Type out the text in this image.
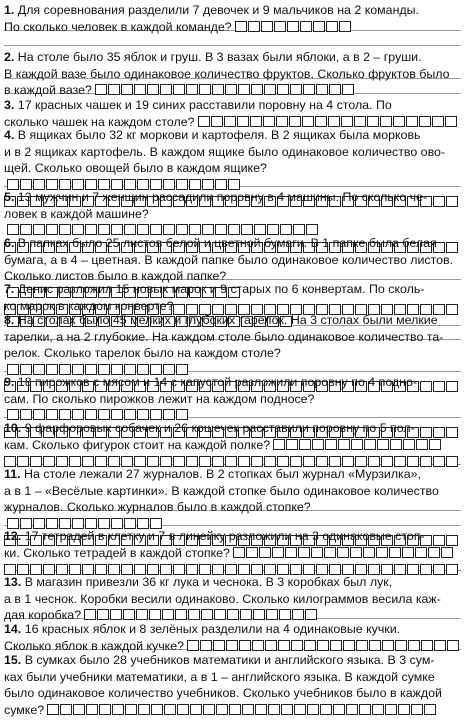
1. Для соревнования разделили 7 девочек и 9 мальчиков на 2 команды.
По сколько человек в каждой команде?
2. На столе было 35 яблок и груш. В 3 вазах были яблоки, а в 2 – груши.
В каждой вазе было одинаковое количество фруктов. Сколько фруктов было
в каждой вазе?
3. 17 красных чашек и 19 синих расставили поровну на 4 стола. По
сколько чашек на каждом столе?
4. В ящиках было 32 кг моркови и картофеля. В 2 ящиках была морковь
и в 2 ящиках картофель. В каждом ящике было одинаковое количество ово-
щей. Сколько овощей было в каждом ящике?
5. 13 мужчин и 7 женщин рассадили поровну в 4 машины. По сколько че-
ловек в каждой машине?
6. В папках было 25 листов белой и цветной бумаги. В 1 папке была белая
бумага, а в 4 – цветная. В каждой папке было одинаковое количество листов.
Сколько листов было в каждой папке?
7. Денис разложил 15 новых марок и 9 старых по 6 конвертам. По сколь-
ко марок в каждом конверте?
8. На столах было 45 мелких и глубоких тарелок. На 3 столах были мелкие
тарелки, а на 2 глубокие. На каждом столе было одинаковое количество та-
релок. Сколько тарелок было на каждом столе?
9. 18 пирожков с мясом и 14 с капустой разложили поровну по 4 подно-
сам. По сколько пирожков лежит на каждом подносе?
10. 9 фарфоровых собачек и 26 кошечек расставили поровну по 5 пол-
кам. Сколько фигурок стоит на каждой полке?
11. На столе лежали 27 журналов. В 2 стопках был журнал «Мурзилка»,
а в 1 – «Весёлые картинки». В каждой стопке было одинаковое количество
журналов. Сколько журналов было в каждой стопке?
12. 17 тетрадей в клетку и 7 в линейку разложили на 3 одинаковые стоп-
ки. Сколько тетрадей в каждой стопке?
13. В магазин привезли 36 кг лука и чеснока. В 3 коробках был лук,
а в 1 чеснок. Коробки весили одинаково. Сколько килограммов весила каж-
дая коробка?
14. 16 красных яблок и 8 зелёных разделили на 4 одинаковые кучки.
Сколько яблок в каждой кучке?
15. В сумках было 28 учебников математики и английского языка. В 3 сум-
ках были учебники математики, а в 1 – английского языка. В каждой сумке
было одинаковое количество учебников. Сколько учебников было в каждой
сумке?
